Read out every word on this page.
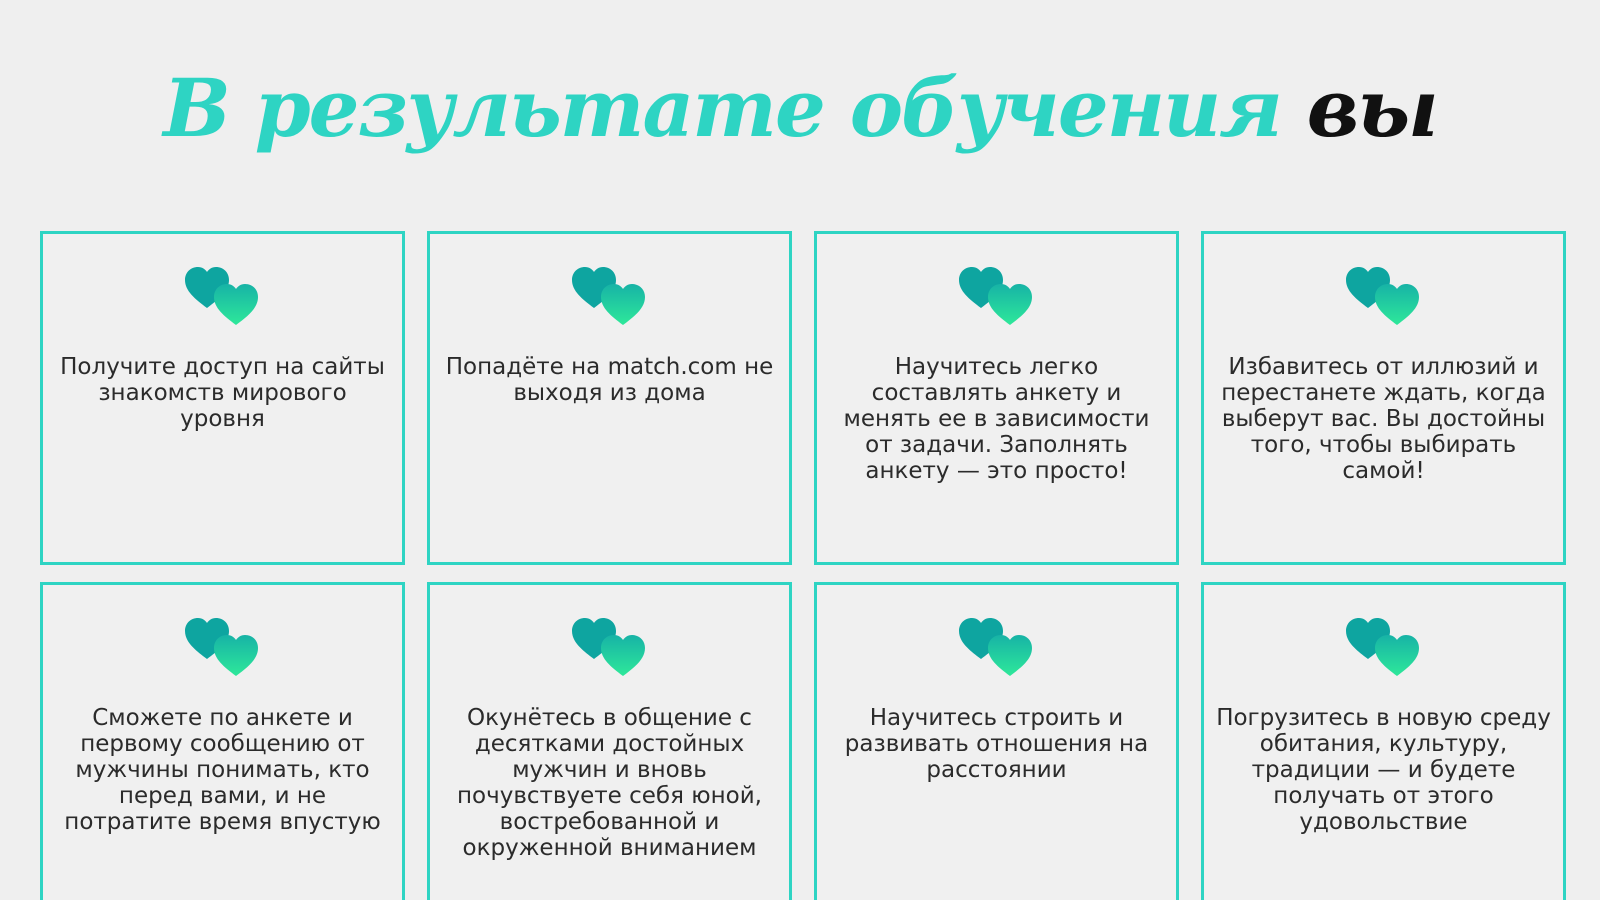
В результате обучения вы
Получите доступ на сайты знакомств мирового уровня
Попадёте на match.com не выходя из дома
Научитесь легко составлять анкету и менять ее в зависимости от задачи. Заполнять анкету — это просто!
Избавитесь от иллюзий и перестанете ждать, когда выберут вас. Вы достойны того, чтобы выбирать самой!
Сможете по анкете и первому сообщению от мужчины понимать, кто перед вами, и не потратите время впустую
Окунётесь в общение с десятками достойных мужчин и вновь почувствуете себя юной, востребованной и окруженной вниманием
Научитесь строить и развивать отношения на расстоянии
Погрузитесь в новую среду обитания, культуру, традиции — и будете получать от этого удовольствие
